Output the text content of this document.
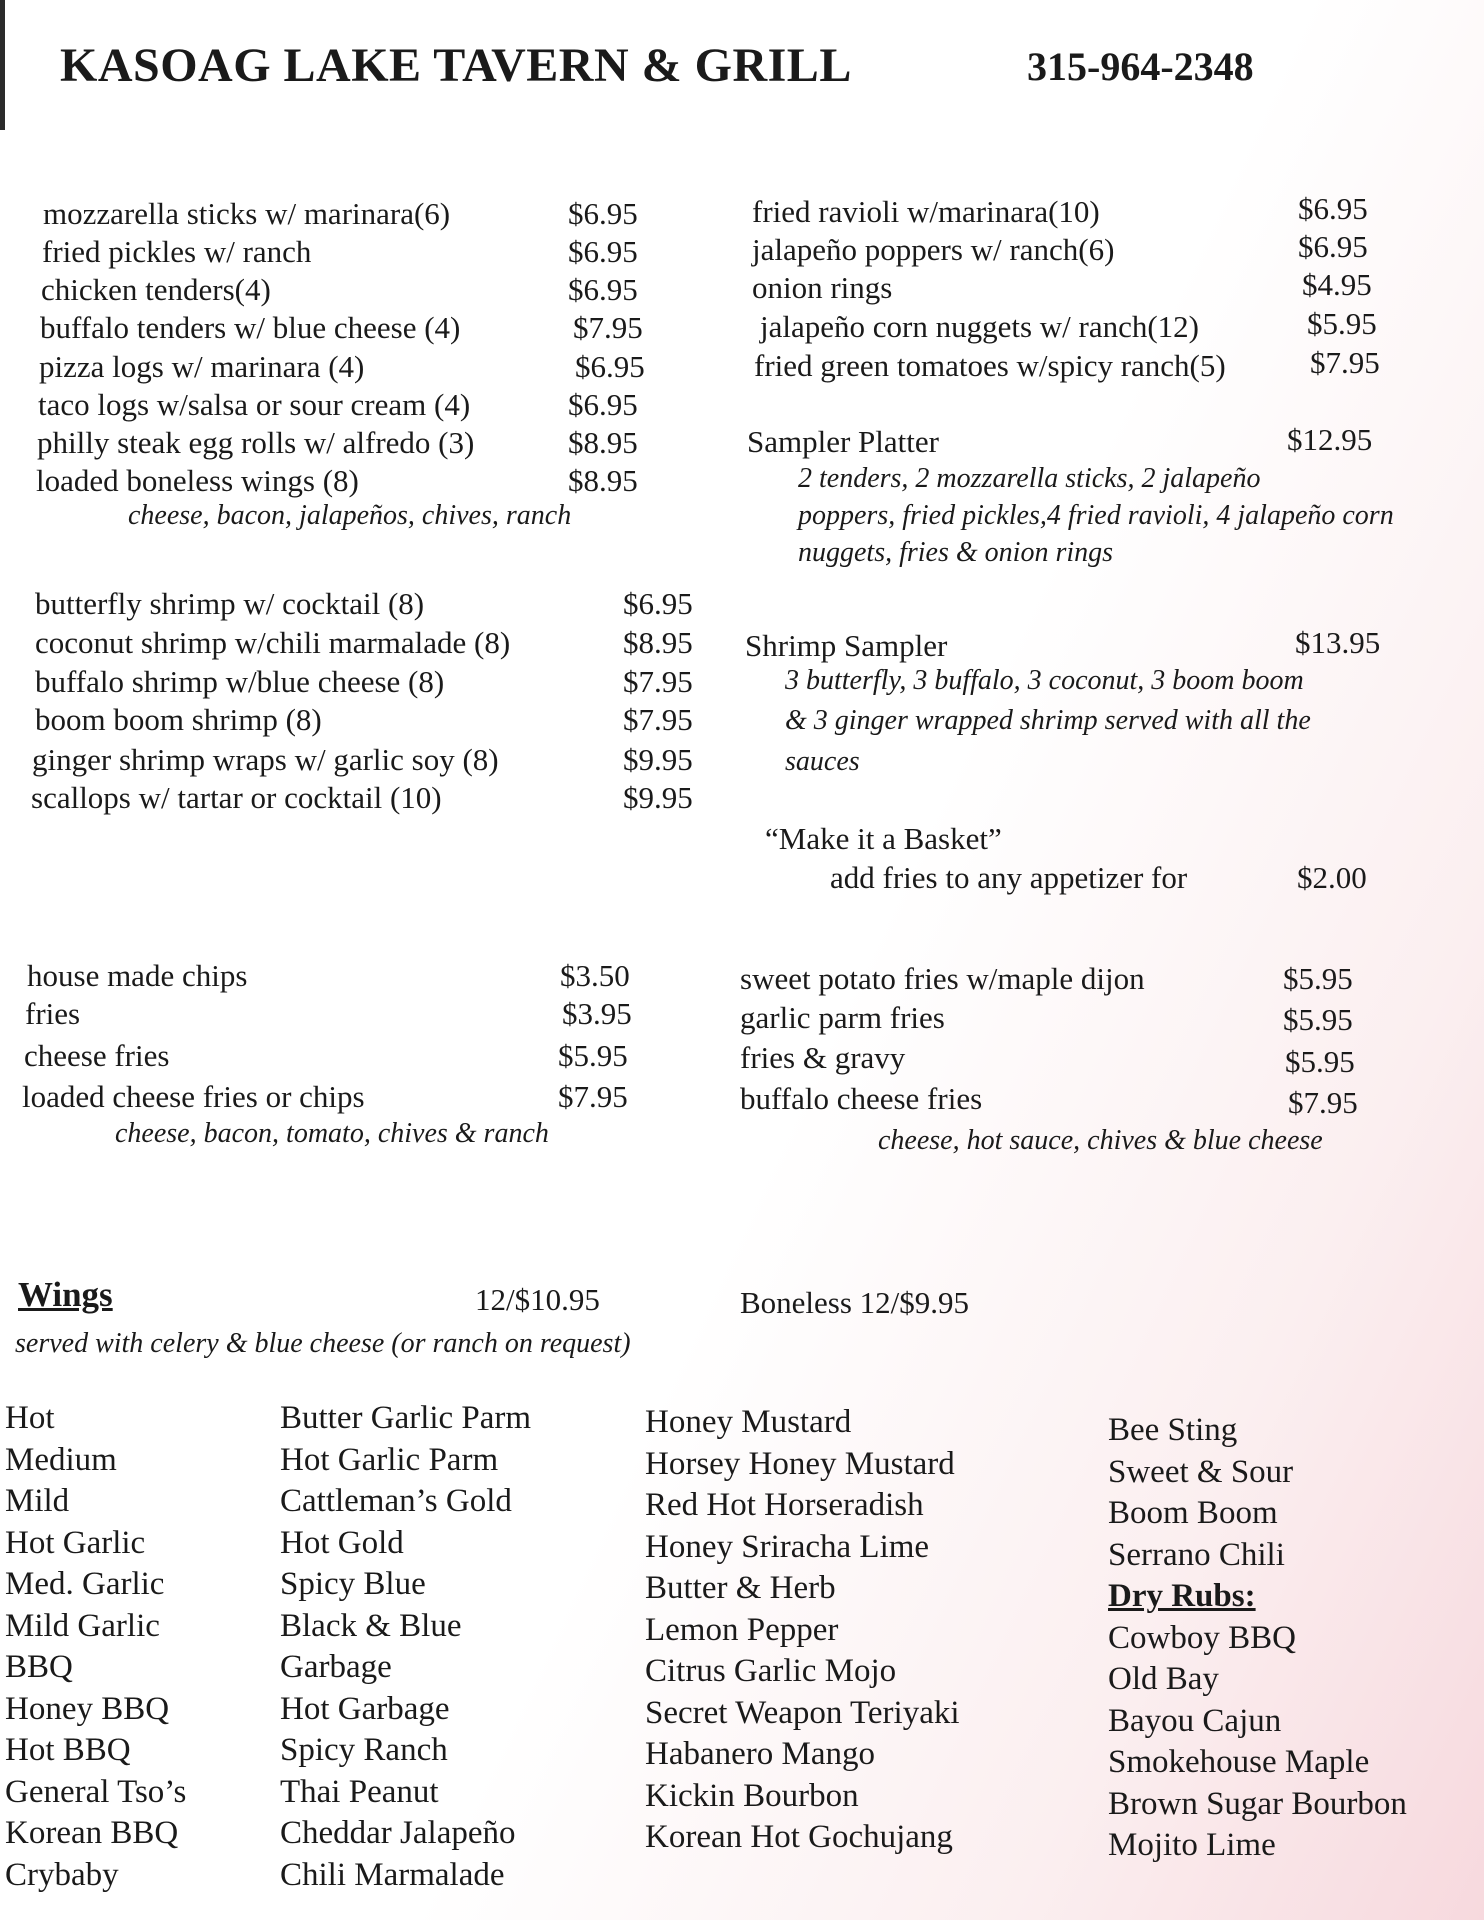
KASOAG LAKE TAVERN & GRILL	315-964-2348
mozzarella sticks w/ marinara(6)	$6.95
fried pickles w/ ranch	$6.95
chicken tenders(4)	$6.95
buffalo tenders w/ blue cheese (4)	$7.95
pizza logs w/ marinara (4)	$6.95
taco logs w/salsa or sour cream (4)	$6.95
philly steak egg rolls w/ alfredo (3)	$8.95
loaded boneless wings (8)	$8.95
cheese, bacon, jalapeños, chives, ranch
fried ravioli w/marinara(10)	$6.95
jalapeño poppers w/ ranch(6)	$6.95
onion rings	$4.95
jalapeño corn nuggets w/ ranch(12)	$5.95
fried green tomatoes w/spicy ranch(5)	$7.95
Sampler Platter	$12.95
2 tenders, 2 mozzarella sticks, 2 jalapeño
poppers, fried pickles,4 fried ravioli, 4 jalapeño corn
nuggets, fries & onion rings
butterfly shrimp w/ cocktail (8)	$6.95
coconut shrimp w/chili marmalade (8)	$8.95
buffalo shrimp w/blue cheese (8)	$7.95
boom boom shrimp (8)	$7.95
ginger shrimp wraps w/ garlic soy (8)	$9.95
scallops w/ tartar or cocktail (10)	$9.95
Shrimp Sampler	$13.95
3 butterfly, 3 buffalo, 3 coconut, 3 boom boom
& 3 ginger wrapped shrimp served with all the
sauces
“Make it a Basket”
add fries to any appetizer for	$2.00
house made chips	$3.50
fries	$3.95
cheese fries	$5.95
loaded cheese fries or chips	$7.95
cheese, bacon, tomato, chives & ranch
sweet potato fries w/maple dijon	$5.95
garlic parm fries	$5.95
fries & gravy	$5.95
buffalo cheese fries	$7.95
cheese, hot sauce, chives & blue cheese
Wings	12/$10.95	Boneless 12/$9.95
served with celery & blue cheese (or ranch on request)
Hot
Medium
Mild
Hot Garlic
Med. Garlic
Mild Garlic
BBQ
Honey BBQ
Hot BBQ
General Tso’s
Korean BBQ
Crybaby
Butter Garlic Parm
Hot Garlic Parm
Cattleman’s Gold
Hot Gold
Spicy Blue
Black & Blue
Garbage
Hot Garbage
Spicy Ranch
Thai Peanut
Cheddar Jalapeño
Chili Marmalade
Honey Mustard
Horsey Honey Mustard
Red Hot Horseradish
Honey Sriracha Lime
Butter & Herb
Lemon Pepper
Citrus Garlic Mojo
Secret Weapon Teriyaki
Habanero Mango
Kickin Bourbon
Korean Hot Gochujang
Bee Sting
Sweet & Sour
Boom Boom
Serrano Chili
Dry Rubs:
Cowboy BBQ
Old Bay
Bayou Cajun
Smokehouse Maple
Brown Sugar Bourbon
Mojito Lime
